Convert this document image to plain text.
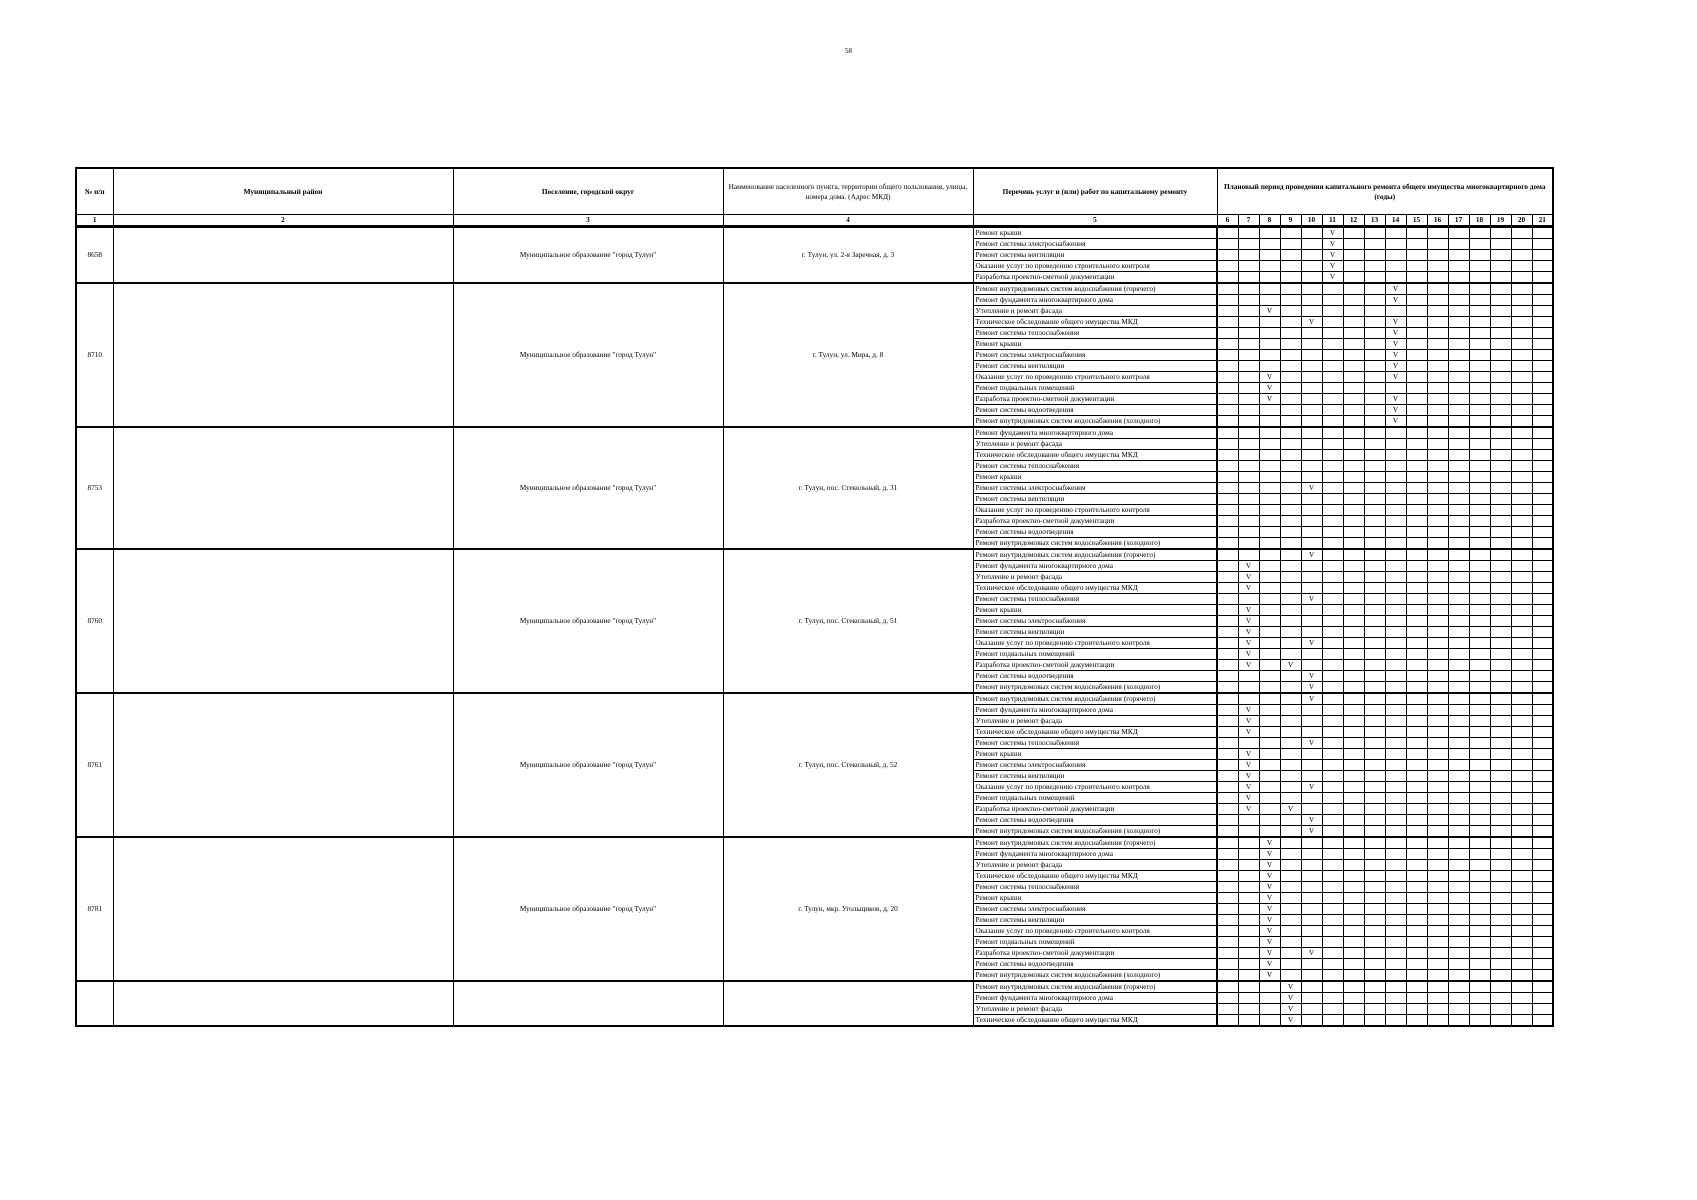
58
№ п/п	Муниципальный район	Поселение, городской округ	Наименование населенного пункта, территории общего пользования, улицы, номера дома. (Адрес МКД)	Перечень услуг и (или) работ по капитальному ремонту	Плановый период проведения капитального ремонта общего имущества многоквартирного дома (годы)															
1	2	3	4	5	6	7	8	9	10	11	12	13	14	15	16	17	18	19	20	21
8658		Муниципальное образование "город Тулун"	г. Тулун, ул. 2-я Заречная, д. 3	Ремонт крыши						V										
				Ремонт системы электроснабжения						V										
				Ремонт системы вентиляции						V										
				Оказание услуг по проведению строительного контроля						V										
				Разработка проектно-сметной документации						V										
8710		Муниципальное образование "город Тулун"	г. Тулун, ул. Мира, д. 8	Ремонт внутридомовых систем водоснабжения (горячего)									V							
				Ремонт фундамента многоквартирного дома									V							
				Утепление и ремонт фасада			V													
				Техническое обследование общего имущества МКД					V				V							
				Ремонт системы теплоснабжения									V							
				Ремонт крыши									V							
				Ремонт системы электроснабжения									V							
				Ремонт системы вентиляции									V							
				Оказание услуг по проведению строительного контроля			V						V							
				Ремонт подвальных помещений			V													
				Разработка проектно-сметной документации			V						V							
				Ремонт системы водоотведения									V							
				Ремонт внутридомовых систем водоснабжения (холодного)									V							
8753		Муниципальное образование "город Тулун"	г. Тулун, пос. Стекольный, д. 31	Ремонт фундамента многоквартирного дома																
				Утепление и ремонт фасада																
				Техническое обследование общего имущества МКД																
				Ремонт системы теплоснабжения																
				Ремонт крыши																
				Ремонт системы электроснабжения					V											
				Ремонт системы вентиляции																
				Оказание услуг по проведению строительного контроля																
				Разработка проектно-сметной документации																
				Ремонт системы водоотведения																
				Ремонт внутридомовых систем водоснабжения (холодного)																
8760		Муниципальное образование "город Тулун"	г. Тулун, пос. Стекольный, д. 51	Ремонт внутридомовых систем водоснабжения (горячего)					V											
				Ремонт фундамента многоквартирного дома		V														
				Утепление и ремонт фасада		V														
				Техническое обследование общего имущества МКД		V														
				Ремонт системы теплоснабжения					V											
				Ремонт крыши		V														
				Ремонт системы электроснабжения		V														
				Ремонт системы вентиляции		V														
				Оказание услуг по проведению строительного контроля		V			V											
				Ремонт подвальных помещений		V														
				Разработка проектно-сметной документации		V		V												
				Ремонт системы водоотведения					V											
				Ремонт внутридомовых систем водоснабжения (холодного)					V											
8761		Муниципальное образование "город Тулун"	г. Тулун, пос. Стекольный, д. 52	Ремонт внутридомовых систем водоснабжения (горячего)					V											
				Ремонт фундамента многоквартирного дома		V														
				Утепление и ремонт фасада		V														
				Техническое обследование общего имущества МКД		V														
				Ремонт системы теплоснабжения					V											
				Ремонт крыши		V														
				Ремонт системы электроснабжения		V														
				Ремонт системы вентиляции		V														
				Оказание услуг по проведению строительного контроля		V			V											
				Ремонт подвальных помещений		V														
				Разработка проектно-сметной документации		V		V												
				Ремонт системы водоотведения					V											
				Ремонт внутридомовых систем водоснабжения (холодного)					V											
8781		Муниципальное образование "город Тулун"	г. Тулун, мкр. Угольщиков, д. 20	Ремонт внутридомовых систем водоснабжения (горячего)			V													
				Ремонт фундамента многоквартирного дома			V													
				Утепление и ремонт фасада			V													
				Техническое обследование общего имущества МКД			V													
				Ремонт системы теплоснабжения			V													
				Ремонт крыши			V													
				Ремонт системы электроснабжения			V													
				Ремонт системы вентиляции			V													
				Оказание услуг по проведению строительного контроля			V													
				Ремонт подвальных помещений			V													
				Разработка проектно-сметной документации			V		V											
				Ремонт системы водоотведения			V													
				Ремонт внутридомовых систем водоснабжения (холодного)			V													
				Ремонт внутридомовых систем водоснабжения (горячего)				V												
				Ремонт фундамента многоквартирного дома				V												
				Утепление и ремонт фасада				V												
				Техническое обследование общего имущества МКД				V												
